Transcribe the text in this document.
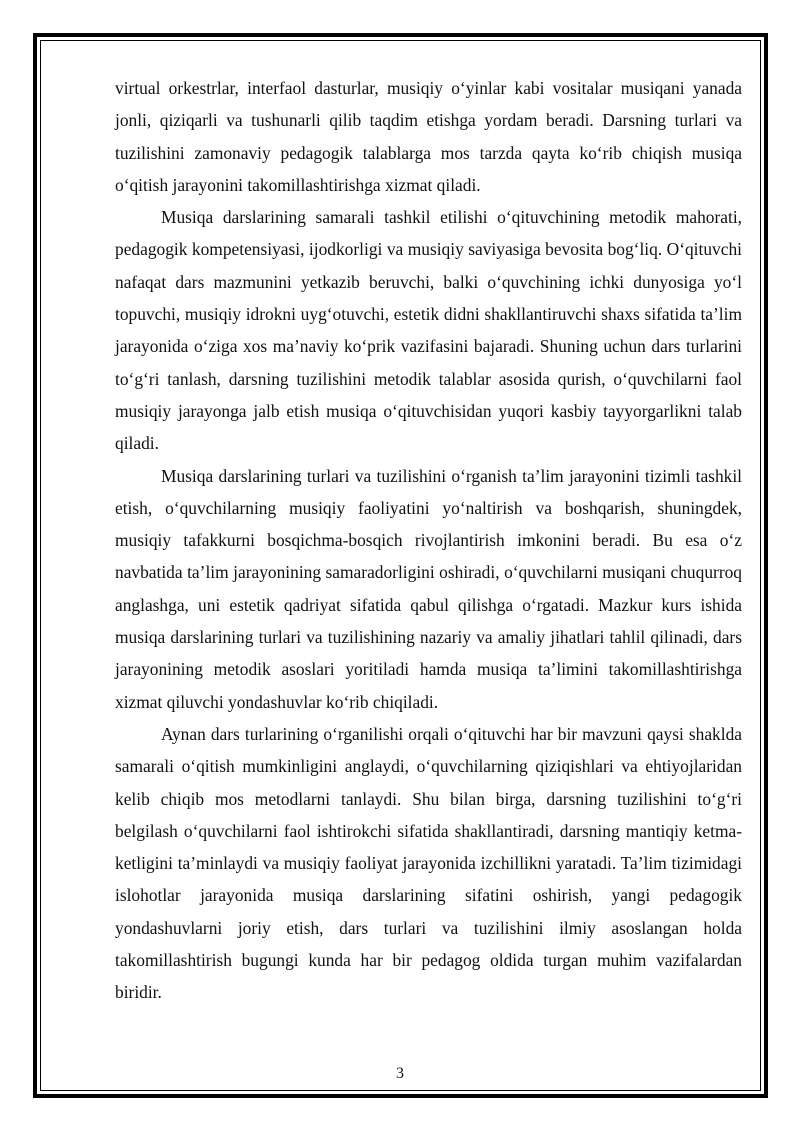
virtual orkestrlar, interfaol dasturlar, musiqiy o‘yinlar kabi vositalar musiqani yanada jonli, qiziqarli va tushunarli qilib taqdim etishga yordam beradi. Darsning turlari va tuzilishini zamonaviy pedagogik talablarga mos tarzda qayta ko‘rib chiqish musiqa o‘qitish jarayonini takomillashtirishga xizmat qiladi.

Musiqa darslarining samarali tashkil etilishi o‘qituvchining metodik mahorati, pedagogik kompetensiyasi, ijodkorligi va musiqiy saviyasiga bevosita bog‘liq. O‘qituvchi nafaqat dars mazmunini yetkazib beruvchi, balki o‘quvchining ichki dunyosiga yo‘l topuvchi, musiqiy idrokni uyg‘otuvchi, estetik didni shakllantiruvchi shaxs sifatida ta’lim jarayonida o‘ziga xos ma’naviy ko‘prik vazifasini bajaradi. Shuning uchun dars turlarini to‘g‘ri tanlash, darsning tuzilishini metodik talablar asosida qurish, o‘quvchilarni faol musiqiy jarayonga jalb etish musiqa o‘qituvchisidan yuqori kasbiy tayyorgarlikni talab qiladi.

Musiqa darslarining turlari va tuzilishini o‘rganish ta’lim jarayonini tizimli tashkil etish, o‘quvchilarning musiqiy faoliyatini yo‘naltirish va boshqarish, shuningdek, musiqiy tafakkurni bosqichma-bosqich rivojlantirish imkonini beradi. Bu esa o‘z navbatida ta’lim jarayonining samaradorligini oshiradi, o‘quvchilarni musiqani chuqurroq anglashga, uni estetik qadriyat sifatida qabul qilishga o‘rgatadi. Mazkur kurs ishida musiqa darslarining turlari va tuzilishining nazariy va amaliy jihatlari tahlil qilinadi, dars jarayonining metodik asoslari yoritiladi hamda musiqa ta’limini takomillashtirishga xizmat qiluvchi yondashuvlar ko‘rib chiqiladi.

Aynan dars turlarining o‘rganilishi orqali o‘qituvchi har bir mavzuni qaysi shaklda samarali o‘qitish mumkinligini anglaydi, o‘quvchilarning qiziqishlari va ehtiyojlaridan kelib chiqib mos metodlarni tanlaydi. Shu bilan birga, darsning tuzilishini to‘g‘ri belgilash o‘quvchilarni faol ishtirokchi sifatida shakllantiradi, darsning mantiqiy ketma-ketligini ta’minlaydi va musiqiy faoliyat jarayonida izchillikni yaratadi. Ta’lim tizimidagi islohotlar jarayonida musiqa darslarining sifatini oshirish, yangi pedagogik yondashuvlarni joriy etish, dars turlari va tuzilishini ilmiy asoslangan holda takomillashtirish bugungi kunda har bir pedagog oldida turgan muhim vazifalardan biridir.

3
